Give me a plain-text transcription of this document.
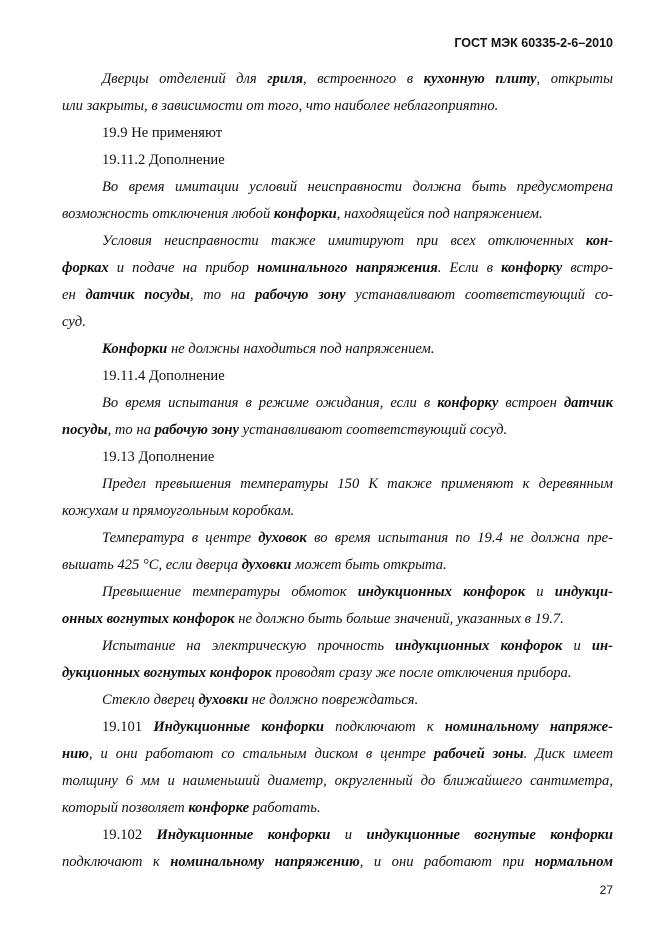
ГОСТ МЭК 60335-2-6–2010
Дверцы отделений для гриля, встроенного в кухонную плиту, открыты
или закрыты, в зависимости от того, что наиболее неблагоприятно.
19.9 Не применяют
19.11.2 Дополнение
Во время имитации условий неисправности должна быть предусмотрена
возможность отключения любой конфорки, находящейся под напряжением.
Условия неисправности также имитируют при всех отключенных кон-
форках и подаче на прибор номинального напряжения. Если в конфорку встро-
ен датчик посуды, то на рабочую зону устанавливают соответствующий со-
суд.
Конфорки не должны находиться под напряжением.
19.11.4 Дополнение
Во время испытания в режиме ожидания, если в конфорку встроен датчик
посуды, то на рабочую зону устанавливают соответствующий сосуд.
19.13 Дополнение
Предел превышения температуры 150 К также применяют к деревянным
кожухам и прямоугольным коробкам.
Температура в центре духовок во время испытания по 19.4 не должна пре-
вышать 425 °С, если дверца духовки может быть открыта.
Превышение температуры обмоток индукционных конфорок и индукци-
онных вогнутых конфорок не должно быть больше значений, указанных в 19.7.
Испытание на электрическую прочность индукционных конфорок и ин-
дукционных вогнутых конфорок проводят сразу же после отключения прибора.
Стекло дверец духовки не должно повреждаться.
19.101 Индукционные конфорки подключают к номинальному напряже-
нию, и они работают со стальным диском в центре рабочей зоны. Диск имеет
толщину 6 мм и наименьший диаметр, округленный до ближайшего сантиметра,
который позволяет конфорке работать.
19.102 Индукционные конфорки и индукционные вогнутые конфорки
подключают к номинальному напряжению, и они работают при нормальном
27
